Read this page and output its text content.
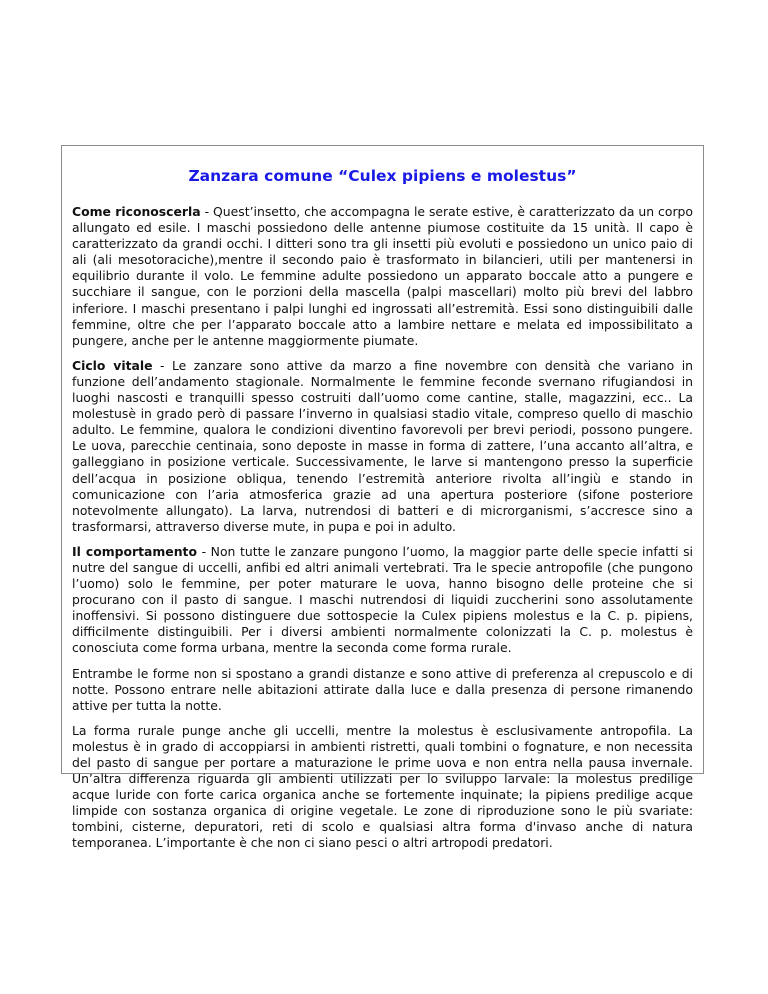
Zanzara comune “Culex pipiens e molestus”

Come riconoscerla - Quest’insetto, che accompagna le serate estive, è caratterizzato da un corpo allungato ed esile. I maschi possiedono delle antenne piumose costituite da 15 unità. Il capo è caratterizzato da grandi occhi. I ditteri sono tra gli insetti più evoluti e possiedono un unico paio di ali (ali mesotoraciche),mentre il secondo paio è trasformato in bilancieri, utili per mantenersi in equilibrio durante il volo. Le femmine adulte possiedono un apparato boccale atto a pungere e succhiare il sangue, con le porzioni della mascella (palpi mascellari) molto più brevi del labbro inferiore. I maschi presentano i palpi lunghi ed ingrossati all’estremità. Essi sono distinguibili dalle femmine, oltre che per l’apparato boccale atto a lambire nettare e melata ed impossibilitato a pungere, anche per le antenne maggiormente piumate.

Ciclo vitale - Le zanzare sono attive da marzo a fine novembre con densità che variano in funzione dell’andamento stagionale. Normalmente le femmine feconde svernano rifugiandosi in luoghi nascosti e tranquilli spesso costruiti dall’uomo come cantine, stalle, magazzini, ecc.. La molestusè in grado però di passare l’inverno in qualsiasi stadio vitale, compreso quello di maschio adulto. Le femmine, qualora le condizioni diventino favorevoli per brevi periodi, possono pungere. Le uova, parecchie centinaia, sono deposte in masse in forma di zattere, l’una accanto all’altra, e galleggiano in posizione verticale. Successivamente, le larve si mantengono presso la superficie dell’acqua in posizione obliqua, tenendo l’estremità anteriore rivolta all’ingiù e stando in comunicazione con l’aria atmosferica grazie ad una apertura posteriore (sifone posteriore notevolmente allungato). La larva, nutrendosi di batteri e di microrganismi, s’accresce sino a trasformarsi, attraverso diverse mute, in pupa e poi in adulto.

Il comportamento - Non tutte le zanzare pungono l’uomo, la maggior parte delle specie infatti si nutre del sangue di uccelli, anfibi ed altri animali vertebrati. Tra le specie antropofile (che pungono l’uomo) solo le femmine, per poter maturare le uova, hanno bisogno delle proteine che si procurano con il pasto di sangue. I maschi nutrendosi di liquidi zuccherini sono assolutamente inoffensivi. Si possono distinguere due sottospecie la Culex pipiens molestus e la C. p. pipiens, difficilmente distinguibili. Per i diversi ambienti normalmente colonizzati la C. p. molestus è conosciuta come forma urbana, mentre la seconda come forma rurale.

Entrambe le forme non si spostano a grandi distanze e sono attive di preferenza al crepuscolo e di notte. Possono entrare nelle abitazioni attirate dalla luce e dalla presenza di persone rimanendo attive per tutta la notte.

La forma rurale punge anche gli uccelli, mentre la molestus è esclusivamente antropofila. La molestus è in grado di accoppiarsi in ambienti ristretti, quali tombini o fognature, e non necessita del pasto di sangue per portare a maturazione le prime uova e non entra nella pausa invernale. Un’altra differenza riguarda gli ambienti utilizzati per lo sviluppo larvale: la molestus predilige acque luride con forte carica organica anche se fortemente inquinate; la pipiens predilige acque limpide con sostanza organica di origine vegetale. Le zone di riproduzione sono le più svariate: tombini, cisterne, depuratori, reti di scolo e qualsiasi altra forma d'invaso anche di natura temporanea. L’importante è che non ci siano pesci o altri artropodi predatori.
